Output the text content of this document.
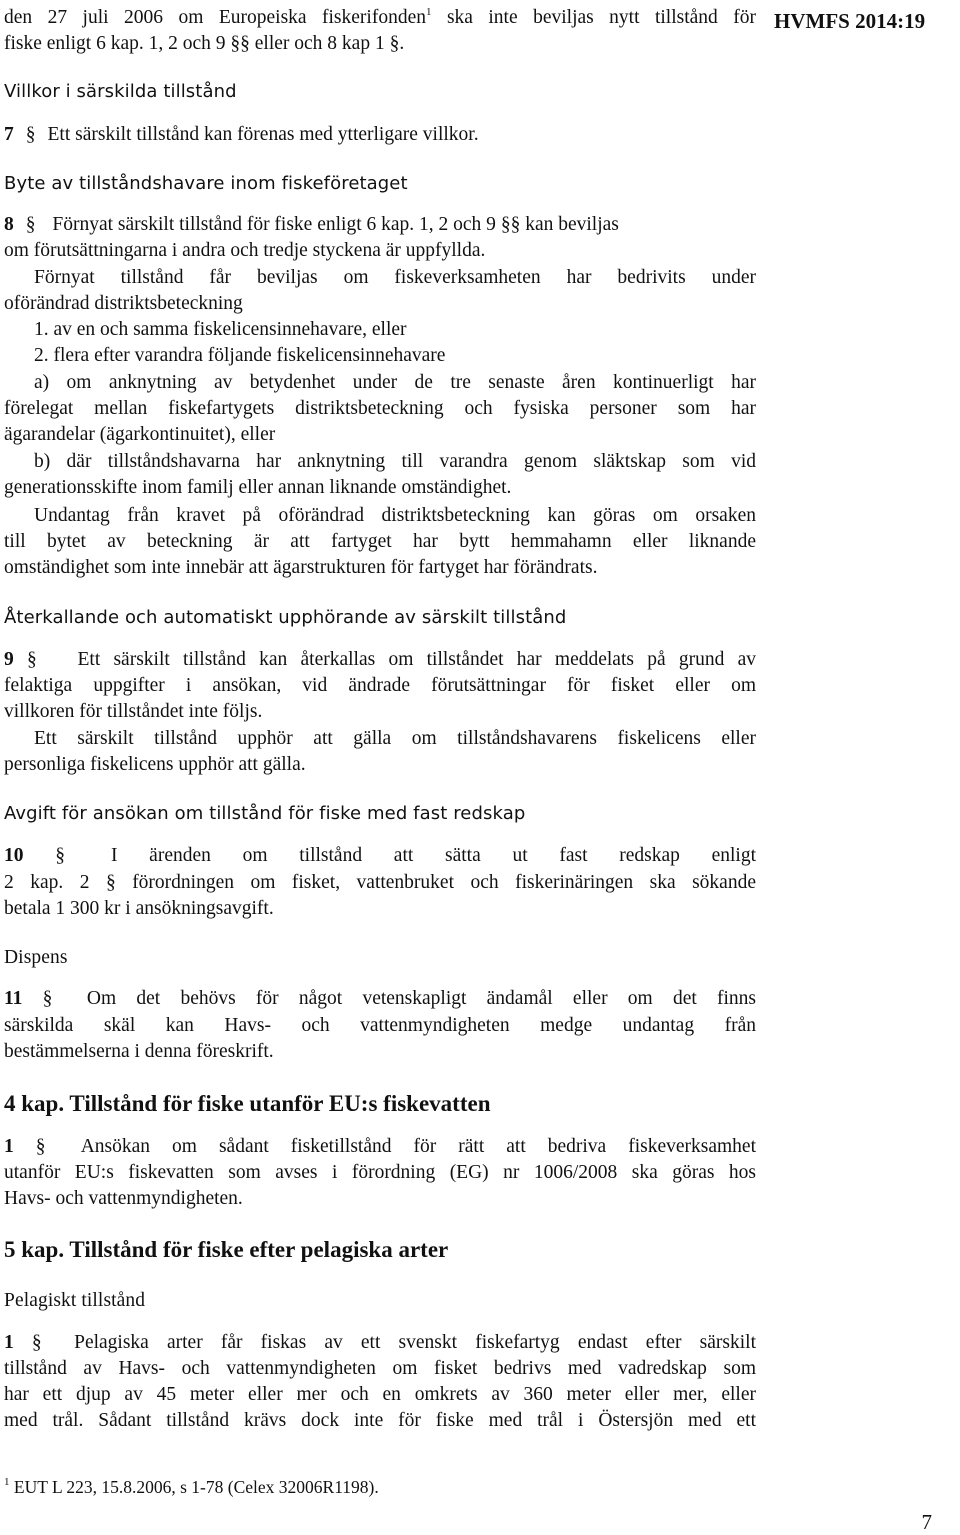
HVMFS 2014:19
den 27 juli 2006 om Europeiska fiskerifonden$^1$ ska inte beviljas nytt tillstånd för
fiske enligt 6 kap. 1, 2 och 9 §§ eller och 8 kap 1 §.
Villkor i särskilda tillstånd
7 § Ett särskilt tillstånd kan förenas med ytterligare villkor.
Byte av tillståndshavare inom fiskeföretaget
8 § Förnyat särskilt tillstånd för fiske enligt 6 kap. 1, 2 och 9 §§ kan beviljas
om förutsättningarna i andra och tredje styckena är uppfyllda.
Förnyat tillstånd får beviljas om fiskeverksamheten har bedrivits under
oförändrad distriktsbeteckning
1. av en och samma fiskelicensinnehavare, eller
2. flera efter varandra följande fiskelicensinnehavare
a) om anknytning av betydenhet under de tre senaste åren kontinuerligt har
förelegat mellan fiskefartygets distriktsbeteckning och fysiska personer som har
ägarandelar (ägarkontinuitet), eller
b) där tillståndshavarna har anknytning till varandra genom släktskap som vid
generationsskifte inom familj eller annan liknande omständighet.
Undantag från kravet på oförändrad distriktsbeteckning kan göras om orsaken
till bytet av beteckning är att fartyget har bytt hemmahamn eller liknande
omständighet som inte innebär att ägarstrukturen för fartyget har förändrats.
Återkallande och automatiskt upphörande av särskilt tillstånd
9 § Ett särskilt tillstånd kan återkallas om tillståndet har meddelats på grund av
felaktiga uppgifter i ansökan, vid ändrade förutsättningar för fisket eller om
villkoren för tillståndet inte följs.
Ett särskilt tillstånd upphör att gälla om tillståndshavarens fiskelicens eller
personliga fiskelicens upphör att gälla.
Avgift för ansökan om tillstånd för fiske med fast redskap
10 § I ärenden om tillstånd att sätta ut fast redskap enligt
2 kap. 2 § förordningen om fisket, vattenbruket och fiskerinäringen ska sökande
betala 1 300 kr i ansökningsavgift.
Dispens
11 § Om det behövs för något vetenskapligt ändamål eller om det finns
särskilda skäl kan Havs- och vattenmyndigheten medge undantag från
bestämmelserna i denna föreskrift.
4 kap. Tillstånd för fiske utanför EU:s fiskevatten
1 § Ansökan om sådant fisketillstånd för rätt att bedriva fiskeverksamhet
utanför EU:s fiskevatten som avses i förordning (EG) nr 1006/2008 ska göras hos
Havs- och vattenmyndigheten.
5 kap. Tillstånd för fiske efter pelagiska arter
Pelagiskt tillstånd
1 § Pelagiska arter får fiskas av ett svenskt fiskefartyg endast efter särskilt
tillstånd av Havs- och vattenmyndigheten om fisket bedrivs med vadredskap som
har ett djup av 45 meter eller mer och en omkrets av 360 meter eller mer, eller
med trål. Sådant tillstånd krävs dock inte för fiske med trål i Östersjön med ett
$^1$ EUT L 223, 15.8.2006, s 1-78 (Celex 32006R1198).
7
